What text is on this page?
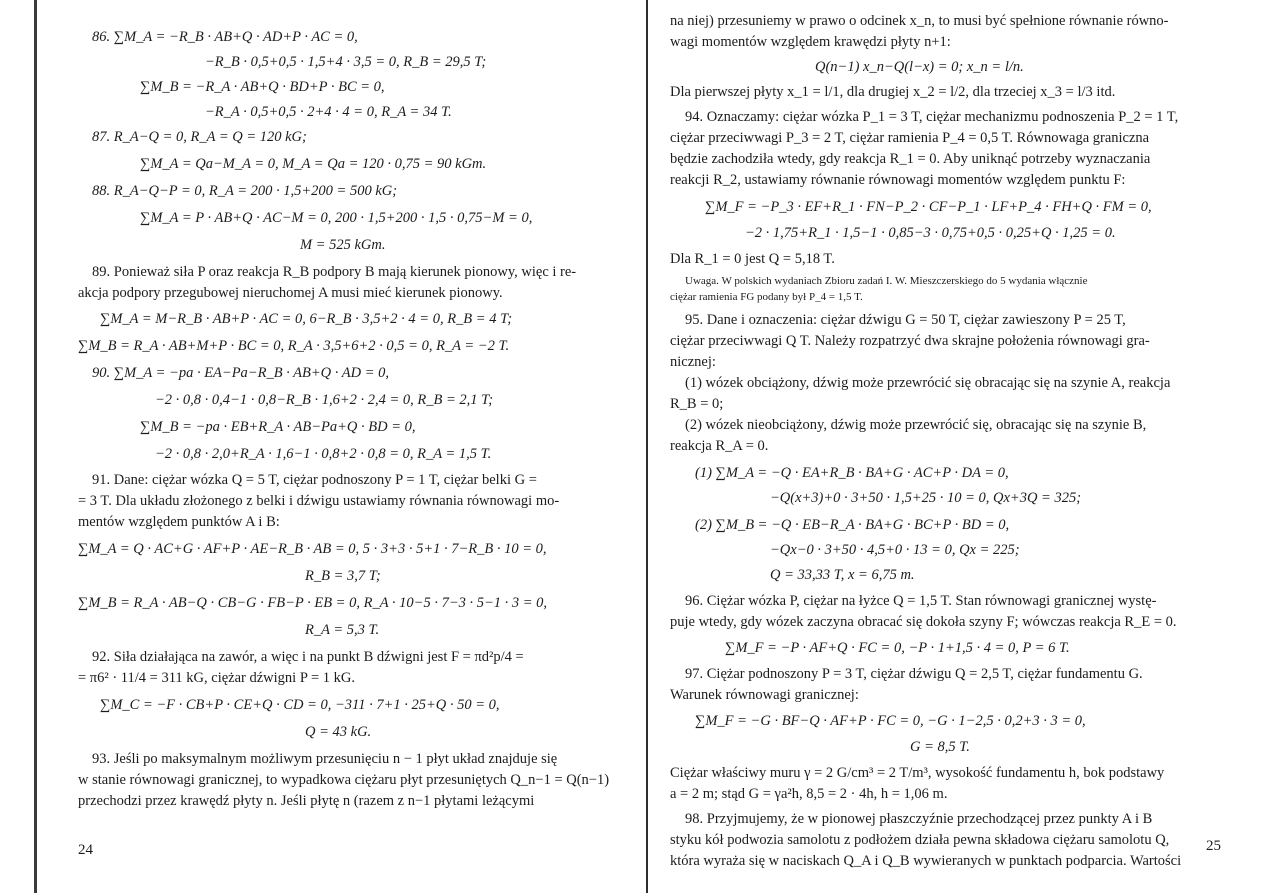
24
86. ∑M_A = −R_B · AB+Q · AD+P · AC = 0,
−R_B · 0,5+0,5 · 1,5+4 · 3,5 = 0, R_B = 29,5 T;
∑M_B = −R_A · AB+Q · BD+P · BC = 0,
−R_A · 0,5+0,5 · 2+4 · 4 = 0, R_A = 34 T.
87. R_A−Q = 0, R_A = Q = 120 kG;
∑M_A = Qa−M_A = 0, M_A = Qa = 120 · 0,75 = 90 kGm.
88. R_A−Q−P = 0, R_A = 200 · 1,5+200 = 500 kG;
∑M_A = P · AB+Q · AC−M = 0, 200 · 1,5+200 · 1,5 · 0,75−M = 0,
M = 525 kGm.
89. Ponieważ siła P oraz reakcja R_B podpory B mają kierunek pionowy, więc i re-
akcja podpory przegubowej nieruchomej A musi mieć kierunek pionowy.
∑M_A = M−R_B · AB+P · AC = 0, 6−R_B · 3,5+2 · 4 = 0, R_B = 4 T;
∑M_B = R_A · AB+M+P · BC = 0, R_A · 3,5+6+2 · 0,5 = 0, R_A = −2 T.
90. ∑M_A = −pa · EA−Pa−R_B · AB+Q · AD = 0,
−2 · 0,8 · 0,4−1 · 0,8−R_B · 1,6+2 · 2,4 = 0, R_B = 2,1 T;
∑M_B = −pa · EB+R_A · AB−Pa+Q · BD = 0,
−2 · 0,8 · 2,0+R_A · 1,6−1 · 0,8+2 · 0,8 = 0, R_A = 1,5 T.
91. Dane: ciężar wózka Q = 5 T, ciężar podnoszony P = 1 T, ciężar belki G =
= 3 T. Dla układu złożonego z belki i dźwigu ustawiamy równania równowagi mo-
mentów względem punktów A i B:
∑M_A = Q · AC+G · AF+P · AE−R_B · AB = 0, 5 · 3+3 · 5+1 · 7−R_B · 10 = 0,
R_B = 3,7 T;
∑M_B = R_A · AB−Q · CB−G · FB−P · EB = 0, R_A · 10−5 · 7−3 · 5−1 · 3 = 0,
R_A = 5,3 T.
92. Siła działająca na zawór, a więc i na punkt B dźwigni jest F = πd²p/4 =
= π6² · 11/4 = 311 kG, ciężar dźwigni P = 1 kG.
∑M_C = −F · CB+P · CE+Q · CD = 0, −311 · 7+1 · 25+Q · 50 = 0,
Q = 43 kG.
93. Jeśli po maksymalnym możliwym przesunięciu n − 1 płyt układ znajduje się
w stanie równowagi granicznej, to wypadkowa ciężaru płyt przesuniętych Q_n−1 = Q(n−1)
przechodzi przez krawędź płyty n. Jeśli płytę n (razem z n−1 płytami leżącymi
25
na niej) przesuniemy w prawo o odcinek x_n, to musi być spełnione równanie równo-
wagi momentów względem krawędzi płyty n+1:
Q(n−1) x_n−Q(l−x) = 0; x_n = l/n.
Dla pierwszej płyty x_1 = l/1, dla drugiej x_2 = l/2, dla trzeciej x_3 = l/3 itd.
94. Oznaczamy: ciężar wózka P_1 = 3 T, ciężar mechanizmu podnoszenia P_2 = 1 T,
ciężar przeciwwagi P_3 = 2 T, ciężar ramienia P_4 = 0,5 T. Równowaga graniczna
będzie zachodziła wtedy, gdy reakcja R_1 = 0. Aby uniknąć potrzeby wyznaczania
reakcji R_2, ustawiamy równanie równowagi momentów względem punktu F:
∑M_F = −P_3 · EF+R_1 · FN−P_2 · CF−P_1 · LF+P_4 · FH+Q · FM = 0,
−2 · 1,75+R_1 · 1,5−1 · 0,85−3 · 0,75+0,5 · 0,25+Q · 1,25 = 0.
Dla R_1 = 0 jest Q = 5,18 T.
Uwaga. W polskich wydaniach Zbioru zadań I. W. Mieszczerskiego do 5 wydania włącznie
ciężar ramienia FG podany był P_4 = 1,5 T.
95. Dane i oznaczenia: ciężar dźwigu G = 50 T, ciężar zawieszony P = 25 T,
ciężar przeciwwagi Q T. Należy rozpatrzyć dwa skrajne położenia równowagi gra-
nicznej:
(1) wózek obciążony, dźwig może przewrócić się obracając się na szynie A, reakcja
R_B = 0;
(2) wózek nieobciążony, dźwig może przewrócić się, obracając się na szynie B,
reakcja R_A = 0.
(1) ∑M_A = −Q · EA+R_B · BA+G · AC+P · DA = 0,
−Q(x+3)+0 · 3+50 · 1,5+25 · 10 = 0, Qx+3Q = 325;
(2) ∑M_B = −Q · EB−R_A · BA+G · BC+P · BD = 0,
−Qx−0 · 3+50 · 4,5+0 · 13 = 0, Qx = 225;
Q = 33,33 T, x = 6,75 m.
96. Ciężar wózka P, ciężar na łyżce Q = 1,5 T. Stan równowagi granicznej wystę-
puje wtedy, gdy wózek zaczyna obracać się dokoła szyny F; wówczas reakcja R_E = 0.
∑M_F = −P · AF+Q · FC = 0, −P · 1+1,5 · 4 = 0, P = 6 T.
97. Ciężar podnoszony P = 3 T, ciężar dźwigu Q = 2,5 T, ciężar fundamentu G.
Warunek równowagi granicznej:
∑M_F = −G · BF−Q · AF+P · FC = 0, −G · 1−2,5 · 0,2+3 · 3 = 0,
G = 8,5 T.
Ciężar właściwy muru γ = 2 G/cm³ = 2 T/m³, wysokość fundamentu h, bok podstawy
a = 2 m; stąd G = γa²h, 8,5 = 2 · 4h, h = 1,06 m.
98. Przyjmujemy, że w pionowej płaszczyźnie przechodzącej przez punkty A i B
styku kół podwozia samolotu z podłożem działa pewna składowa ciężaru samolotu Q,
która wyraża się w naciskach Q_A i Q_B wywieranych w punktach podparcia. Wartości
